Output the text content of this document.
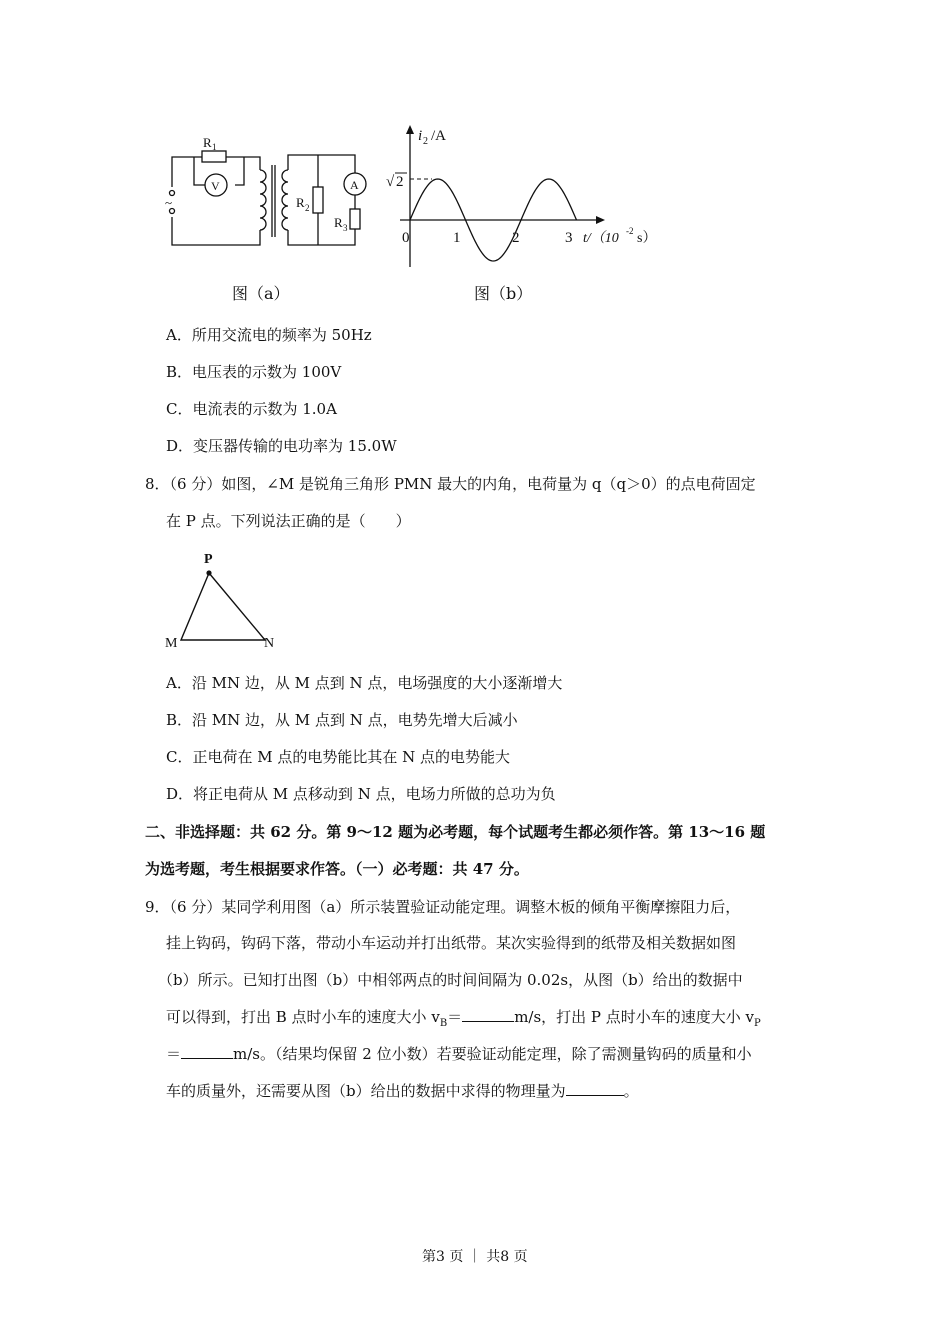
R 1
V	A
R 2
R 3
~
i 2 /A
√ 2
0	1	2	3 t/（10 -2 s）
图（a）	图（b）
A．所用交流电的频率为 50Hz
B．电压表的示数为 100V
C．电流表的示数为 1.0A
D．变压器传输的电功率为 15.0W
8．（6 分）如图，∠M 是锐角三角形 PMN 最大的内角，电荷量为 q（q＞0）的点电荷固定
在 P 点。下列说法正确的是（　　）
P
M	N
A．沿 MN 边，从 M 点到 N 点，电场强度的大小逐渐增大
B．沿 MN 边，从 M 点到 N 点，电势先增大后减小
C．正电荷在 M 点的电势能比其在 N 点的电势能大
D．将正电荷从 M 点移动到 N 点，电场力所做的总功为负
二、非选择题：共 62 分。第 9～12 题为必考题，每个试题考生都必须作答。第 13～16 题
为选考题，考生根据要求作答。（一）必考题：共 47 分。
9．（6 分）某同学利用图（a）所示装置验证动能定理。调整木板的倾角平衡摩擦阻力后，
挂上钩码，钩码下落，带动小车运动并打出纸带。某次实验得到的纸带及相关数据如图
（b）所示。已知打出图（b）中相邻两点的时间间隔为 0.02s，从图（b）给出的数据中
可以得到，打出 B 点时小车的速度大小 $v_B=$	m/s，打出 P 点时小车的速度大小 $v_P$
＝	m/s。（结果均保留 2 位小数）若要验证动能定理，除了需测量钩码的质量和小
车的质量外，还需要从图（b）给出的数据中求得的物理量为	。
第3 页 ｜ 共8 页
